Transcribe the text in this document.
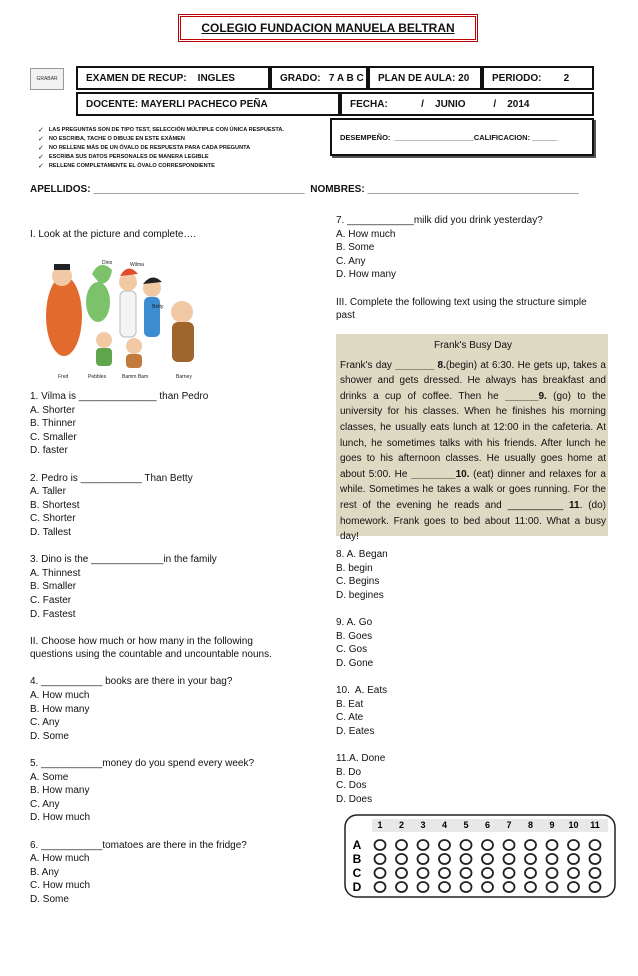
COLEGIO FUNDACION MANUELA BELTRAN
GRABAR	EXAMEN DE RECUP:    INGLES	GRADO:   7 A B C	PLAN DE AULA: 20	PERIODO:        2
DOCENTE: MAYERLI PACHECO PEÑA	FECHA:            /    JUNIO          /    2014
✓ LAS PREGUNTAS SON DE TIPO TEST, SELECCIÓN MÚLTIPLE CON ÚNICA RESPUESTA.
✓ NO ESCRIBA, TACHE O DIBUJE EN ESTE EXÁMEN
✓ NO RELLENE MÁS DE UN ÓVALO DE RESPUESTA PARA CADA PREGUNTA
✓ ESCRIBA SUS DATOS PERSONALES DE MANERA LEGIBLE
✓ RELLENE COMPLETAMENTE EL ÓVALO CORRESPONDIENTE
DESEMPEÑO:  ___________________CALIFICACION: ______
APELLIDOS: ______________________________________  NOMBRES: ______________________________________

I. Look at the picture and complete….

Fred
Wilma
Betty
Dino
Pebbles	Bamm Bam	Barney

1. Vilma is ______________ than Pedro

A. Shorter

B. Thinner

C. Smaller

D. faster

2. Pedro is ___________ Than Betty

A. Taller

B. Shortest

C. Shorter

D. Tallest

3. Dino is the _____________in the family

A. Thinnest

B. Smaller

C. Faster

D. Fastest

II. Choose how much or how many in the following

questions using the countable and uncountable nouns.

4. ___________ books are there in your bag?

A. How much

B. How many

C. Any

D. Some

5. ___________money do you spend every week?

A. Some

B. How many

C. Any

D. How much

6. ___________tomatoes are there in the fridge?

A. How much

B. Any

C. How much

D. Some

7. ____________milk did you drink yesterday?

A. How much

B. Some

C. Any

D. How many

III. Complete the following text using the structure simple

past

Frank's Busy Day
Frank's day _______ 8.(begin) at 6:30. He gets up, takes a shower and gets dressed. He always has breakfast and drinks a cup of coffee. Then he ______9. (go) to the university for his classes. When he finishes his morning classes, he usually eats lunch at 12:00 in the cafeteria. At lunch, he sometimes talks with his friends. After lunch he goes to his afternoon classes. He usually goes home at about 5:00. He ________10. (eat) dinner and relaxes for a while. Sometimes he takes a walk or goes running. For the rest of the evening he reads and __________ 11. (do) homework. Frank goes to bed about 11:00. What a busy day!

8. A. Began

B. begin

C. Begins

D. begines

9. A. Go

B. Goes

C. Gos

D. Gone

10.  A. Eats

B. Eat

C. Ate

D. Eates

11.A. Done

B. Do

C. Dos

D. Does

1 2 3 4 5 6 7 8 9 10 11
A
B
C
D
